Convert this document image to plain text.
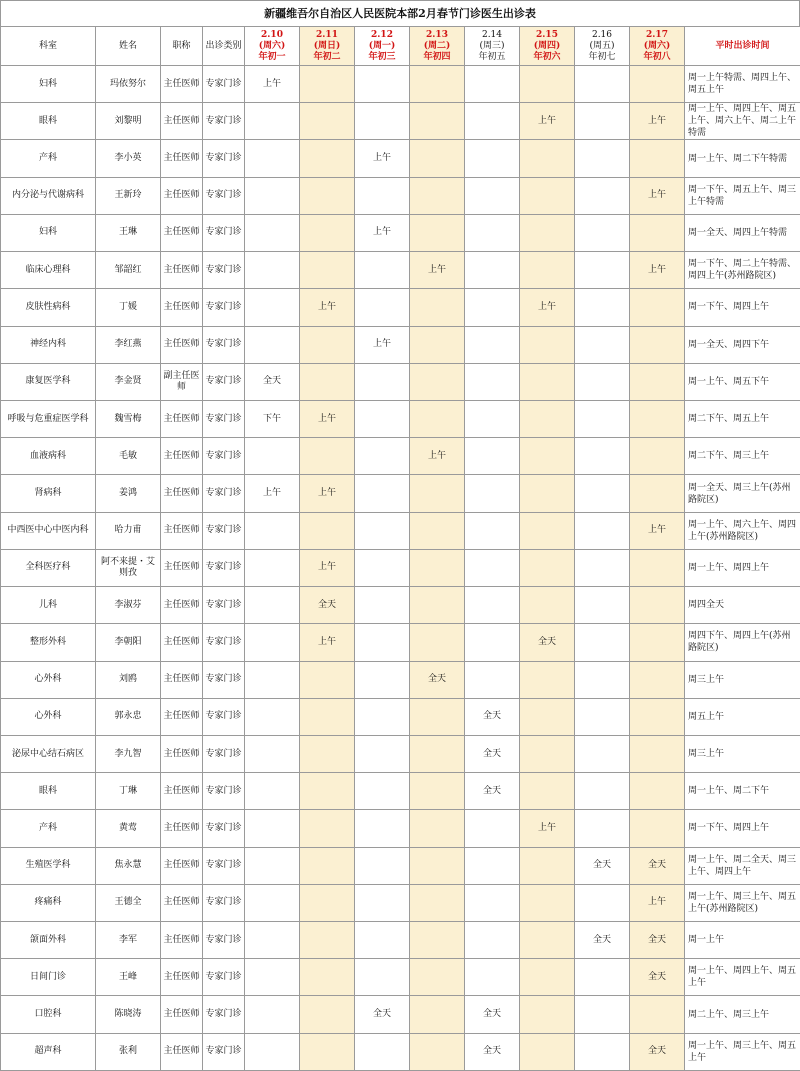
新疆维吾尔自治区人民医院本部2月春节门诊医生出诊表
科室	姓名	职称	出诊类别	2.10
(周六)
年初一	2.11
(周日)
年初二	2.12
(周一)
年初三	2.13
(周二)
年初四	2.14
(周三)
年初五	2.15
(周四)
年初六	2.16
(周五)
年初七	2.17
(周六)
年初八	平时出诊时间
妇科	玛依努尔	主任医师	专家门诊	上午								周一上午特需、周四上午、周五上午
眼科	刘黎明	主任医师	专家门诊						上午		上午	周一上午、周四上午、周五上午、周六上午、周二上午特需
产科	李小英	主任医师	专家门诊			上午						周一上午、周二下午特需
内分泌与代谢病科	王新玲	主任医师	专家门诊								上午	周一下午、周五上午、周三上午特需
妇科	王琳	主任医师	专家门诊			上午						周一全天、周四上午特需
临床心理科	邹韶红	主任医师	专家门诊				上午				上午	周一下午、周二上午特需、周四上午(苏州路院区)
皮肤性病科	丁媛	主任医师	专家门诊		上午				上午			周一下午、周四上午
神经内科	李红燕	主任医师	专家门诊			上午						周一全天、周四下午
康复医学科	李金贤	副主任医师	专家门诊	全天								周一上午、周五下午
呼吸与危重症医学科	魏雪梅	主任医师	专家门诊	下午	上午							周二下午、周五上午
血液病科	毛敏	主任医师	专家门诊				上午					周二下午、周三上午
肾病科	姜鸿	主任医师	专家门诊	上午	上午							周一全天、周三上午(苏州路院区)
中西医中心中医内科	哈力甫	主任医师	专家门诊								上午	周一上午、周六上午、周四上午(苏州路院区)
全科医疗科	阿不来提・艾则孜	主任医师	专家门诊		上午							周一上午、周四上午
儿科	李淑芬	主任医师	专家门诊		全天							周四全天
整形外科	李朝阳	主任医师	专家门诊		上午				全天			周四下午、周四上午(苏州路院区)
心外科	刘鸥	主任医师	专家门诊				全天					周三上午
心外科	郭永忠	主任医师	专家门诊					全天				周五上午
泌尿中心结石病区	李九智	主任医师	专家门诊					全天				周三上午
眼科	丁琳	主任医师	专家门诊					全天				周一上午、周二下午
产科	黄莺	主任医师	专家门诊						上午			周一下午、周四上午
生殖医学科	焦永慧	主任医师	专家门诊							全天	全天	周一上午、周二全天、周三上午、周四上午
疼痛科	王德全	主任医师	专家门诊								上午	周一上午、周三上午、周五上午(苏州路院区)
颌面外科	李军	主任医师	专家门诊							全天	全天	周一上午
日间门诊	王峰	主任医师	专家门诊								全天	周一上午、周四上午、周五上午
口腔科	陈晓涛	主任医师	专家门诊			全天		全天				周二上午、周三上午
超声科	张利	主任医师	专家门诊					全天			全天	周一上午、周三上午、周五上午
